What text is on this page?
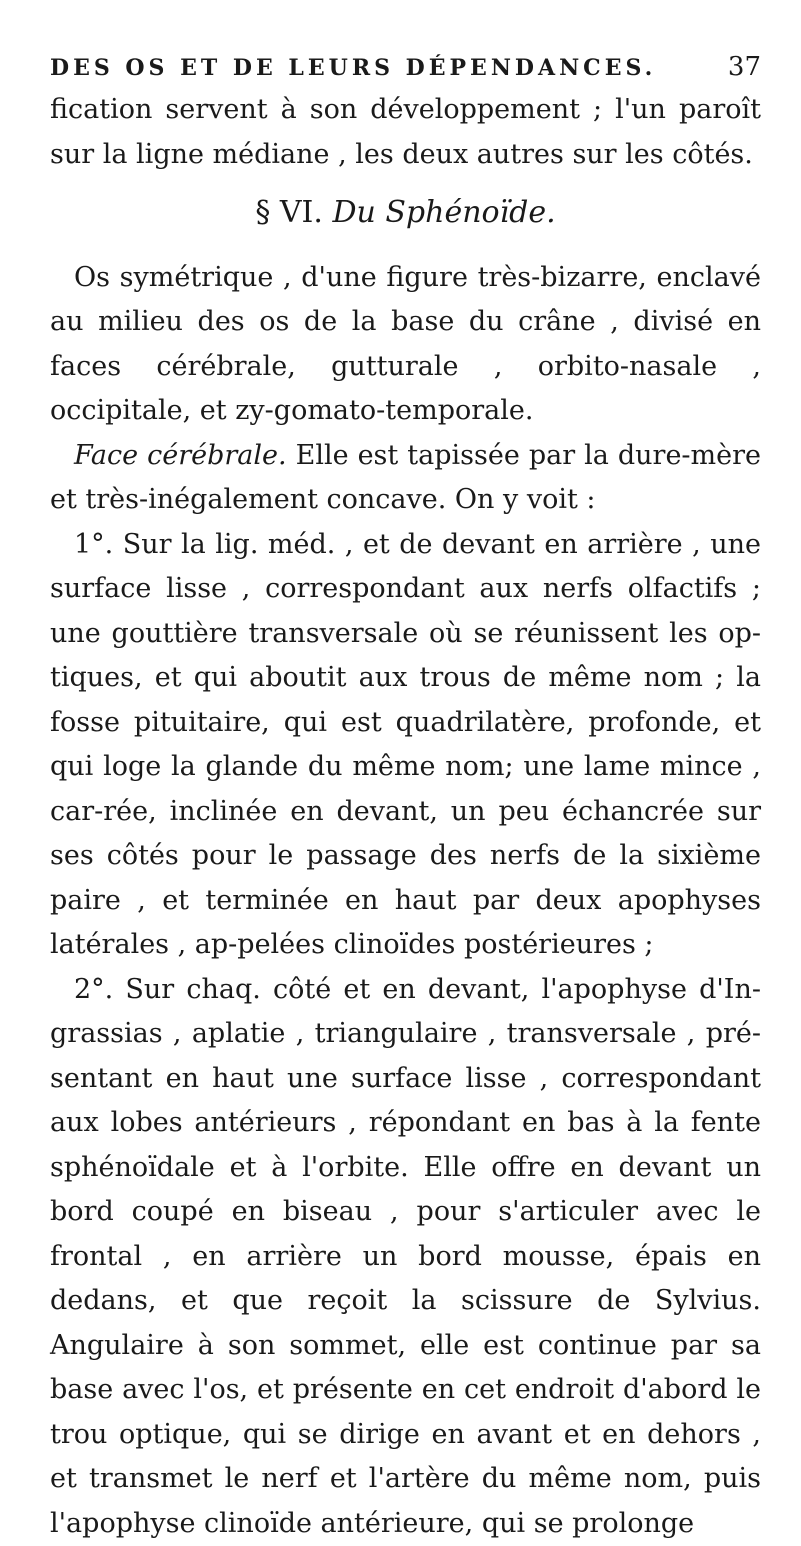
DES OS ET DE LEURS DÉPENDANCES.	37

fication servent à son développement ; l'un paroît sur la ligne médiane , les deux autres sur les côtés.

§ VI. Du Sphénoïde.

Os symétrique , d'une figure très-bizarre, enclavé au milieu des os de la base du crâne , divisé en faces cérébrale, gutturale , orbito-nasale , occipitale, et zy-gomato-temporale.

Face cérébrale. Elle est tapissée par la dure-mère et très-inégalement concave. On y voit :

1°. Sur la lig. méd. , et de devant en arrière , une surface lisse , correspondant aux nerfs olfactifs ; une gouttière transversale où se réunissent les op-tiques, et qui aboutit aux trous de même nom ; la fosse pituitaire, qui est quadrilatère, profonde, et qui loge la glande du même nom; une lame mince , car-rée, inclinée en devant, un peu échancrée sur ses côtés pour le passage des nerfs de la sixième paire , et terminée en haut par deux apophyses latérales , ap-pelées clinoïdes postérieures ;

2°. Sur chaq. côté et en devant, l'apophyse d'In-grassias , aplatie , triangulaire , transversale , pré-sentant en haut une surface lisse , correspondant aux lobes antérieurs , répondant en bas à la fente sphénoïdale et à l'orbite. Elle offre en devant un bord coupé en biseau , pour s'articuler avec le frontal , en arrière un bord mousse, épais en dedans, et que reçoit la scissure de Sylvius. Angulaire à son sommet, elle est continue par sa base avec l'os, et présente en cet endroit d'abord le trou optique, qui se dirige en avant et en dehors , et transmet le nerf et l'artère du même nom, puis l'apophyse clinoïde antérieure, qui se prolonge
